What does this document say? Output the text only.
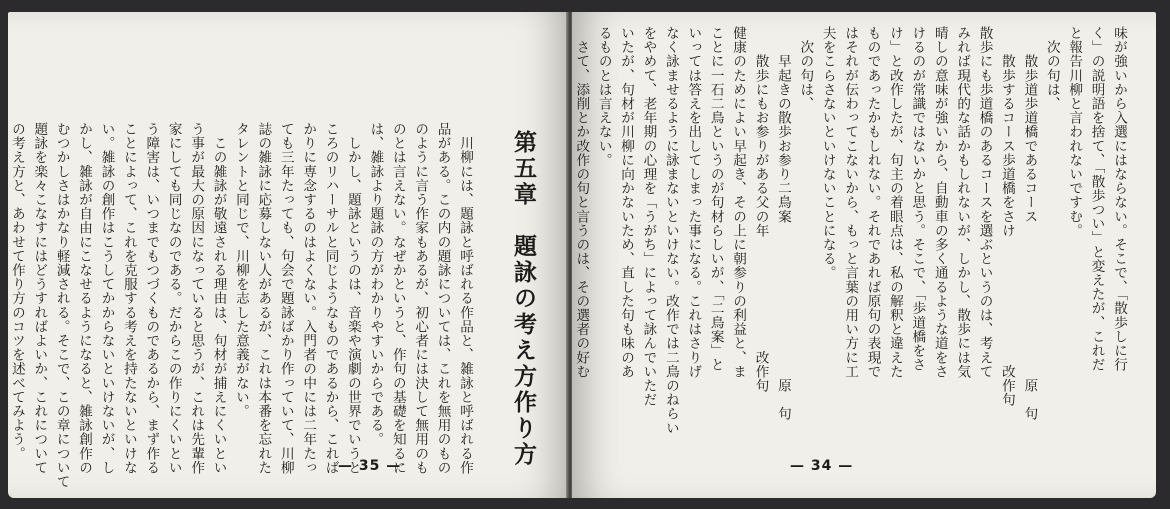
第五章　題詠の考え方作り方
　川柳には、題詠と呼ばれる作品と、雑詠と呼ばれる作
品がある。この内の題詠については、これを無用のもの
のように言う作家もあるが、初心者には決して無用のも
のとは言えない。なぜかというと、作句の基礎を知るに
は、雑詠より題詠の方がわかりやすいからである。
　しかし、題詠というのは、音楽や演劇の世界でいうと
ころのリハーサルと同じようなものであるから、これば
かりに専念するのはよくない。入門者の中には二年たっ
ても三年たっても、句会で題詠ばかり作っていて、川柳
誌の雑詠に応募しない人があるが、これは本番を忘れた
タレントと同じで、川柳を志した意義がない。
　この雑詠が敬遠される理由は、句材が捕えにくいとい
う事が最大の原因になっていると思うが、これは先輩作
家にしても同じなのである。だからこの作りにくいとい
う障害は、いつまでもつづくものであるから、まず作る
ことによって、これを克服する考えを持たないといけな
い。雑詠の創作はこうしてかからないといけないが、し
かし、雑詠が自由にこなせるようになると、雑詠創作の
むつかしさはかなり軽減される。そこで、この章について
題詠を楽々こなすにはどうすればよいか、これについて
の考え方と、あわせて作り方のコツを述べてみよう。
— 35 —
味が強いから入選にはならない。そこで、「散歩しに行
く」の説明語を捨て、「散歩つい」と変えたが、これだ
と報告川柳と言われないですむ。
　次の句は、
　　散歩道歩道橋であるコース　　　　　　　　　　　原　句
　　散歩するコース歩道橋をさけ　　　　　　　　　改作句
散歩にも歩道橋のあるコースを選ぶというのは、考えて
みれば現代的な話かもしれないが、しかし、散歩には気
晴しの意味が強いから、自動車の多く通るような道をさ
けるのが常識ではないかと思う。そこで、「歩道橋をさ
け」と改作したが、句主の着眼点は、私の解釈と違えた
ものであったかもしれない。それであれば原句の表現で
はそれが伝わってこないから、もっと言葉の用い方に工
夫をこらさないといけないことになる。
　次の句は、
　　早起きの散歩お参り二鳥案　　　　　　　　　　　原　句
　　散歩にもお参りがある父の年　　　　　　　　改作句
健康のためによい早起き、その上に朝参りの利益と、ま
ことに一石二鳥というのが句材らしいが、「二鳥案」と
いっては答えを出してしまった事になる。これはさりげ
なく詠ませるように詠まないといけない。改作では二鳥のねらい
をやめて、老年期の心理を「うがち」によって詠んでいただ
いたが、句材が川柳に向かないため、直した句も味のあ
るものとは言えない。
　さて、添削とか改作の句と言うのは、その選者の好む
— 34 —
